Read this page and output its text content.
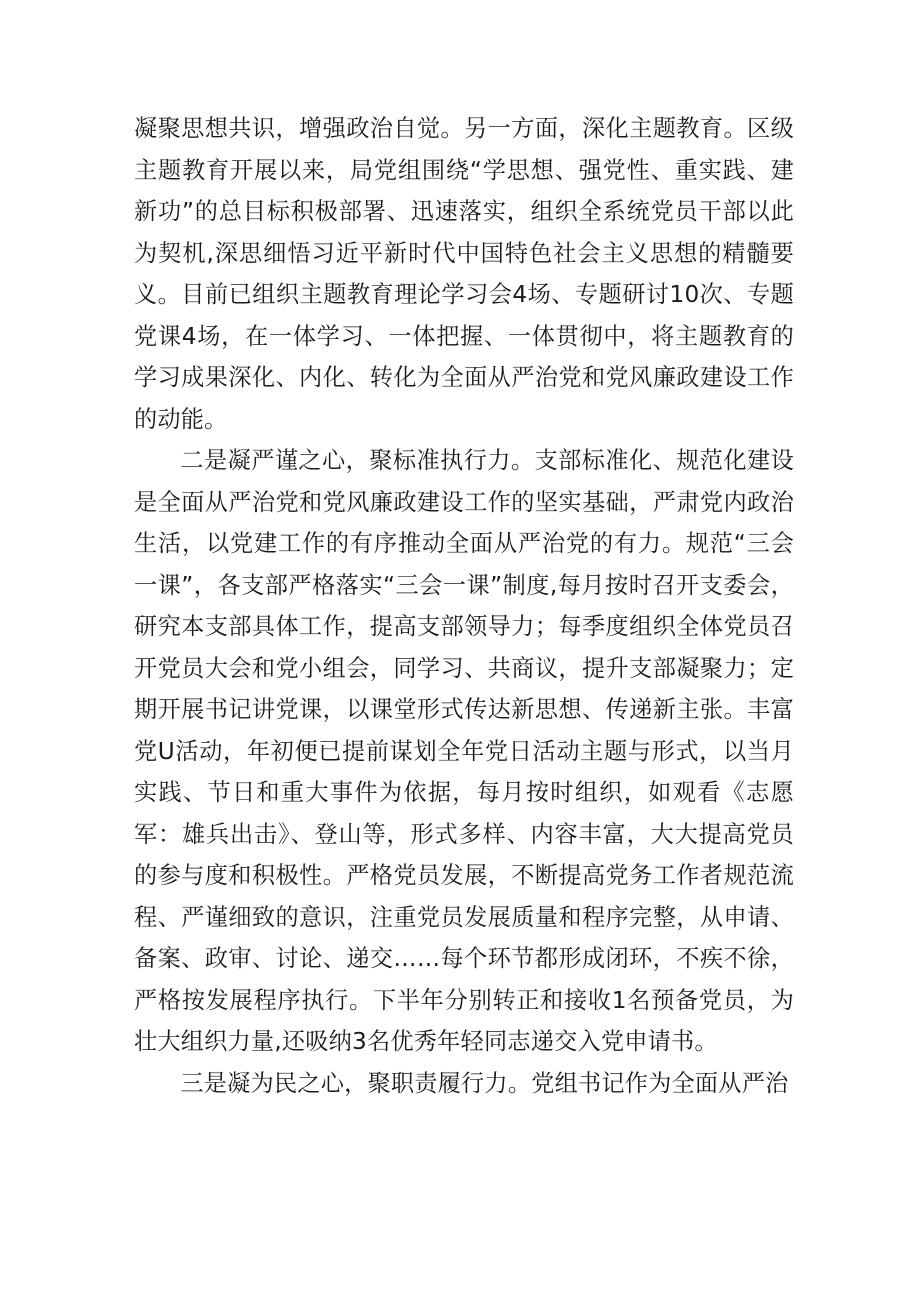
凝聚思想共识，增强政治自觉。另一方面，深化主题教育。区级主题教育开展以来，局党组围绕“学思想、强党性、重实践、建新功”的总目标积极部署、迅速落实，组织全系统党员干部以此为契机,深思细悟习近平新时代中国特色社会主义思想的精髓要义。目前已组织主题教育理论学习会4场、专题研讨10次、专题党课4场，在一体学习、一体把握、一体贯彻中，将主题教育的学习成果深化、内化、转化为全面从严治党和党风廉政建设工作的动能。

二是凝严谨之心，聚标准执行力。支部标准化、规范化建设是全面从严治党和党风廉政建设工作的坚实基础，严肃党内政治生活，以党建工作的有序推动全面从严治党的有力。规范“三会一课”，各支部严格落实“三会一课”制度,每月按时召开支委会，研究本支部具体工作，提高支部领导力；每季度组织全体党员召开党员大会和党小组会，同学习、共商议，提升支部凝聚力；定期开展书记讲党课，以课堂形式传达新思想、传递新主张。丰富党U活动，年初便已提前谋划全年党日活动主题与形式，以当月实践、节日和重大事件为依据，每月按时组织，如观看《志愿军：雄兵出击》、登山等，形式多样、内容丰富，大大提高党员的参与度和积极性。严格党员发展，不断提高党务工作者规范流程、严谨细致的意识，注重党员发展质量和程序完整，从申请、备案、政审、讨论、递交……每个环节都形成闭环，不疾不徐，严格按发展程序执行。下半年分别转正和接收1名预备党员，为壮大组织力量,还吸纳3名优秀年轻同志递交入党申请书。

三是凝为民之心，聚职责履行力。党组书记作为全面从严治
